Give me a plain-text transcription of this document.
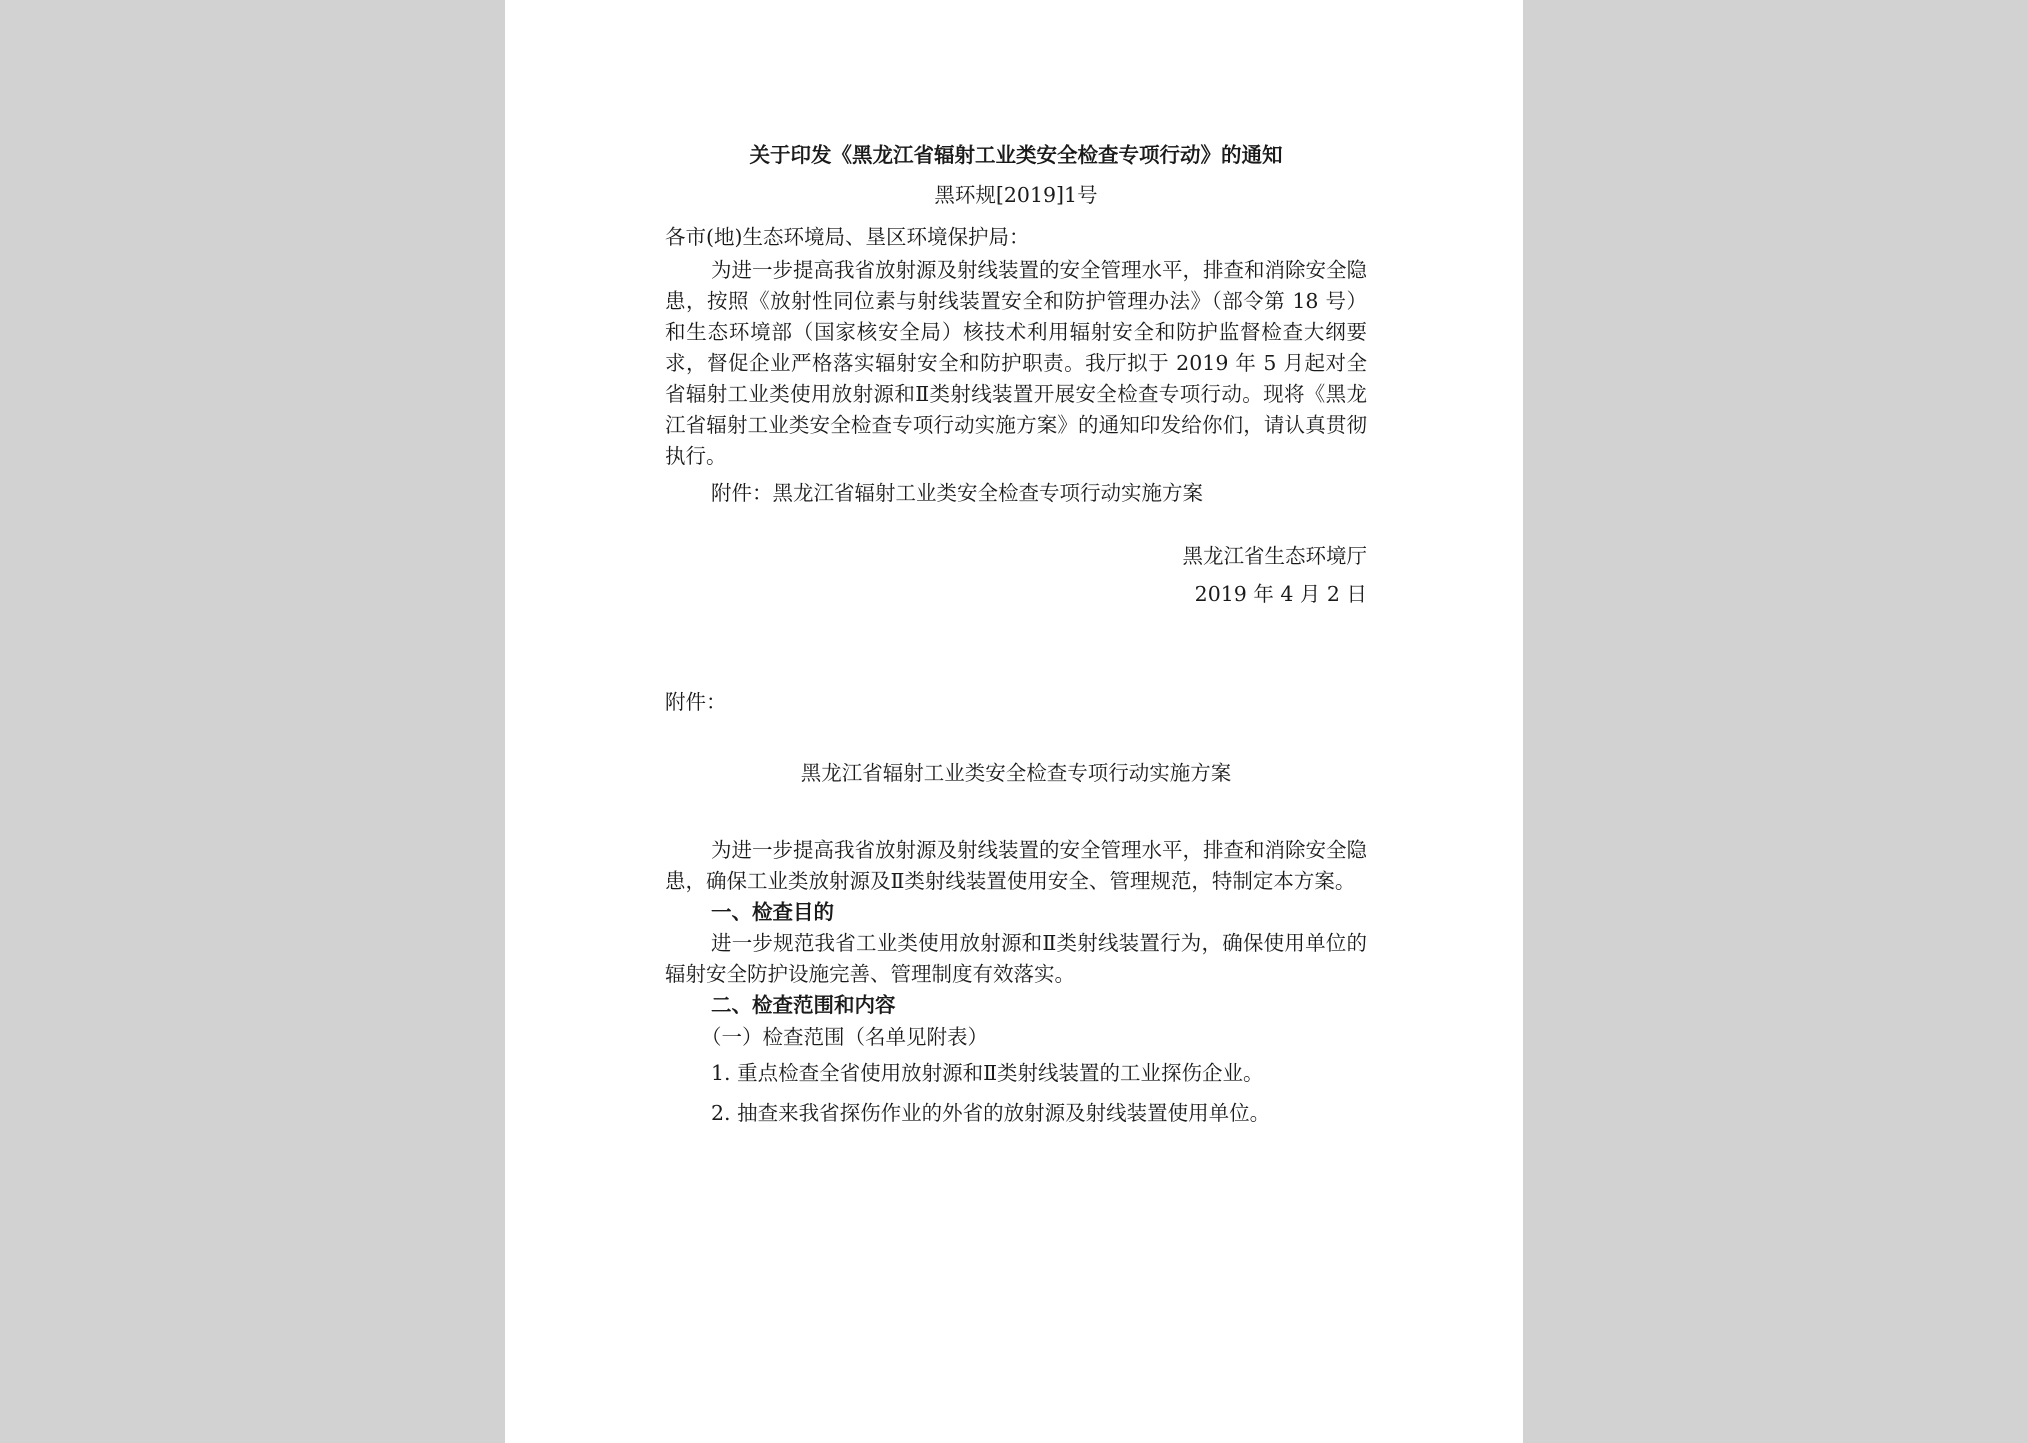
关于印发《黑龙江省辐射工业类安全检查专项行动》的通知

黑环规[2019]1号

各市(地)生态环境局、垦区环境保护局：

为进一步提高我省放射源及射线装置的安全管理水平，排查和消除安全隐患，按照《放射性同位素与射线装置安全和防护管理办法》（部令第 18 号）和生态环境部（国家核安全局）核技术利用辐射安全和防护监督检查大纲要求，督促企业严格落实辐射安全和防护职责。我厅拟于 2019 年 5 月起对全省辐射工业类使用放射源和Ⅱ类射线装置开展安全检查专项行动。现将《黑龙江省辐射工业类安全检查专项行动实施方案》的通知印发给你们，请认真贯彻执行。

附件：黑龙江省辐射工业类安全检查专项行动实施方案

黑龙江省生态环境厅

2019 年 4 月 2 日

附件：

黑龙江省辐射工业类安全检查专项行动实施方案

为进一步提高我省放射源及射线装置的安全管理水平，排查和消除安全隐患，确保工业类放射源及Ⅱ类射线装置使用安全、管理规范，特制定本方案。

一、检查目的

进一步规范我省工业类使用放射源和Ⅱ类射线装置行为，确保使用单位的辐射安全防护设施完善、管理制度有效落实。

二、检查范围和内容

（一）检查范围（名单见附表）

1. 重点检查全省使用放射源和Ⅱ类射线装置的工业探伤企业。

2. 抽查来我省探伤作业的外省的放射源及射线装置使用单位。
